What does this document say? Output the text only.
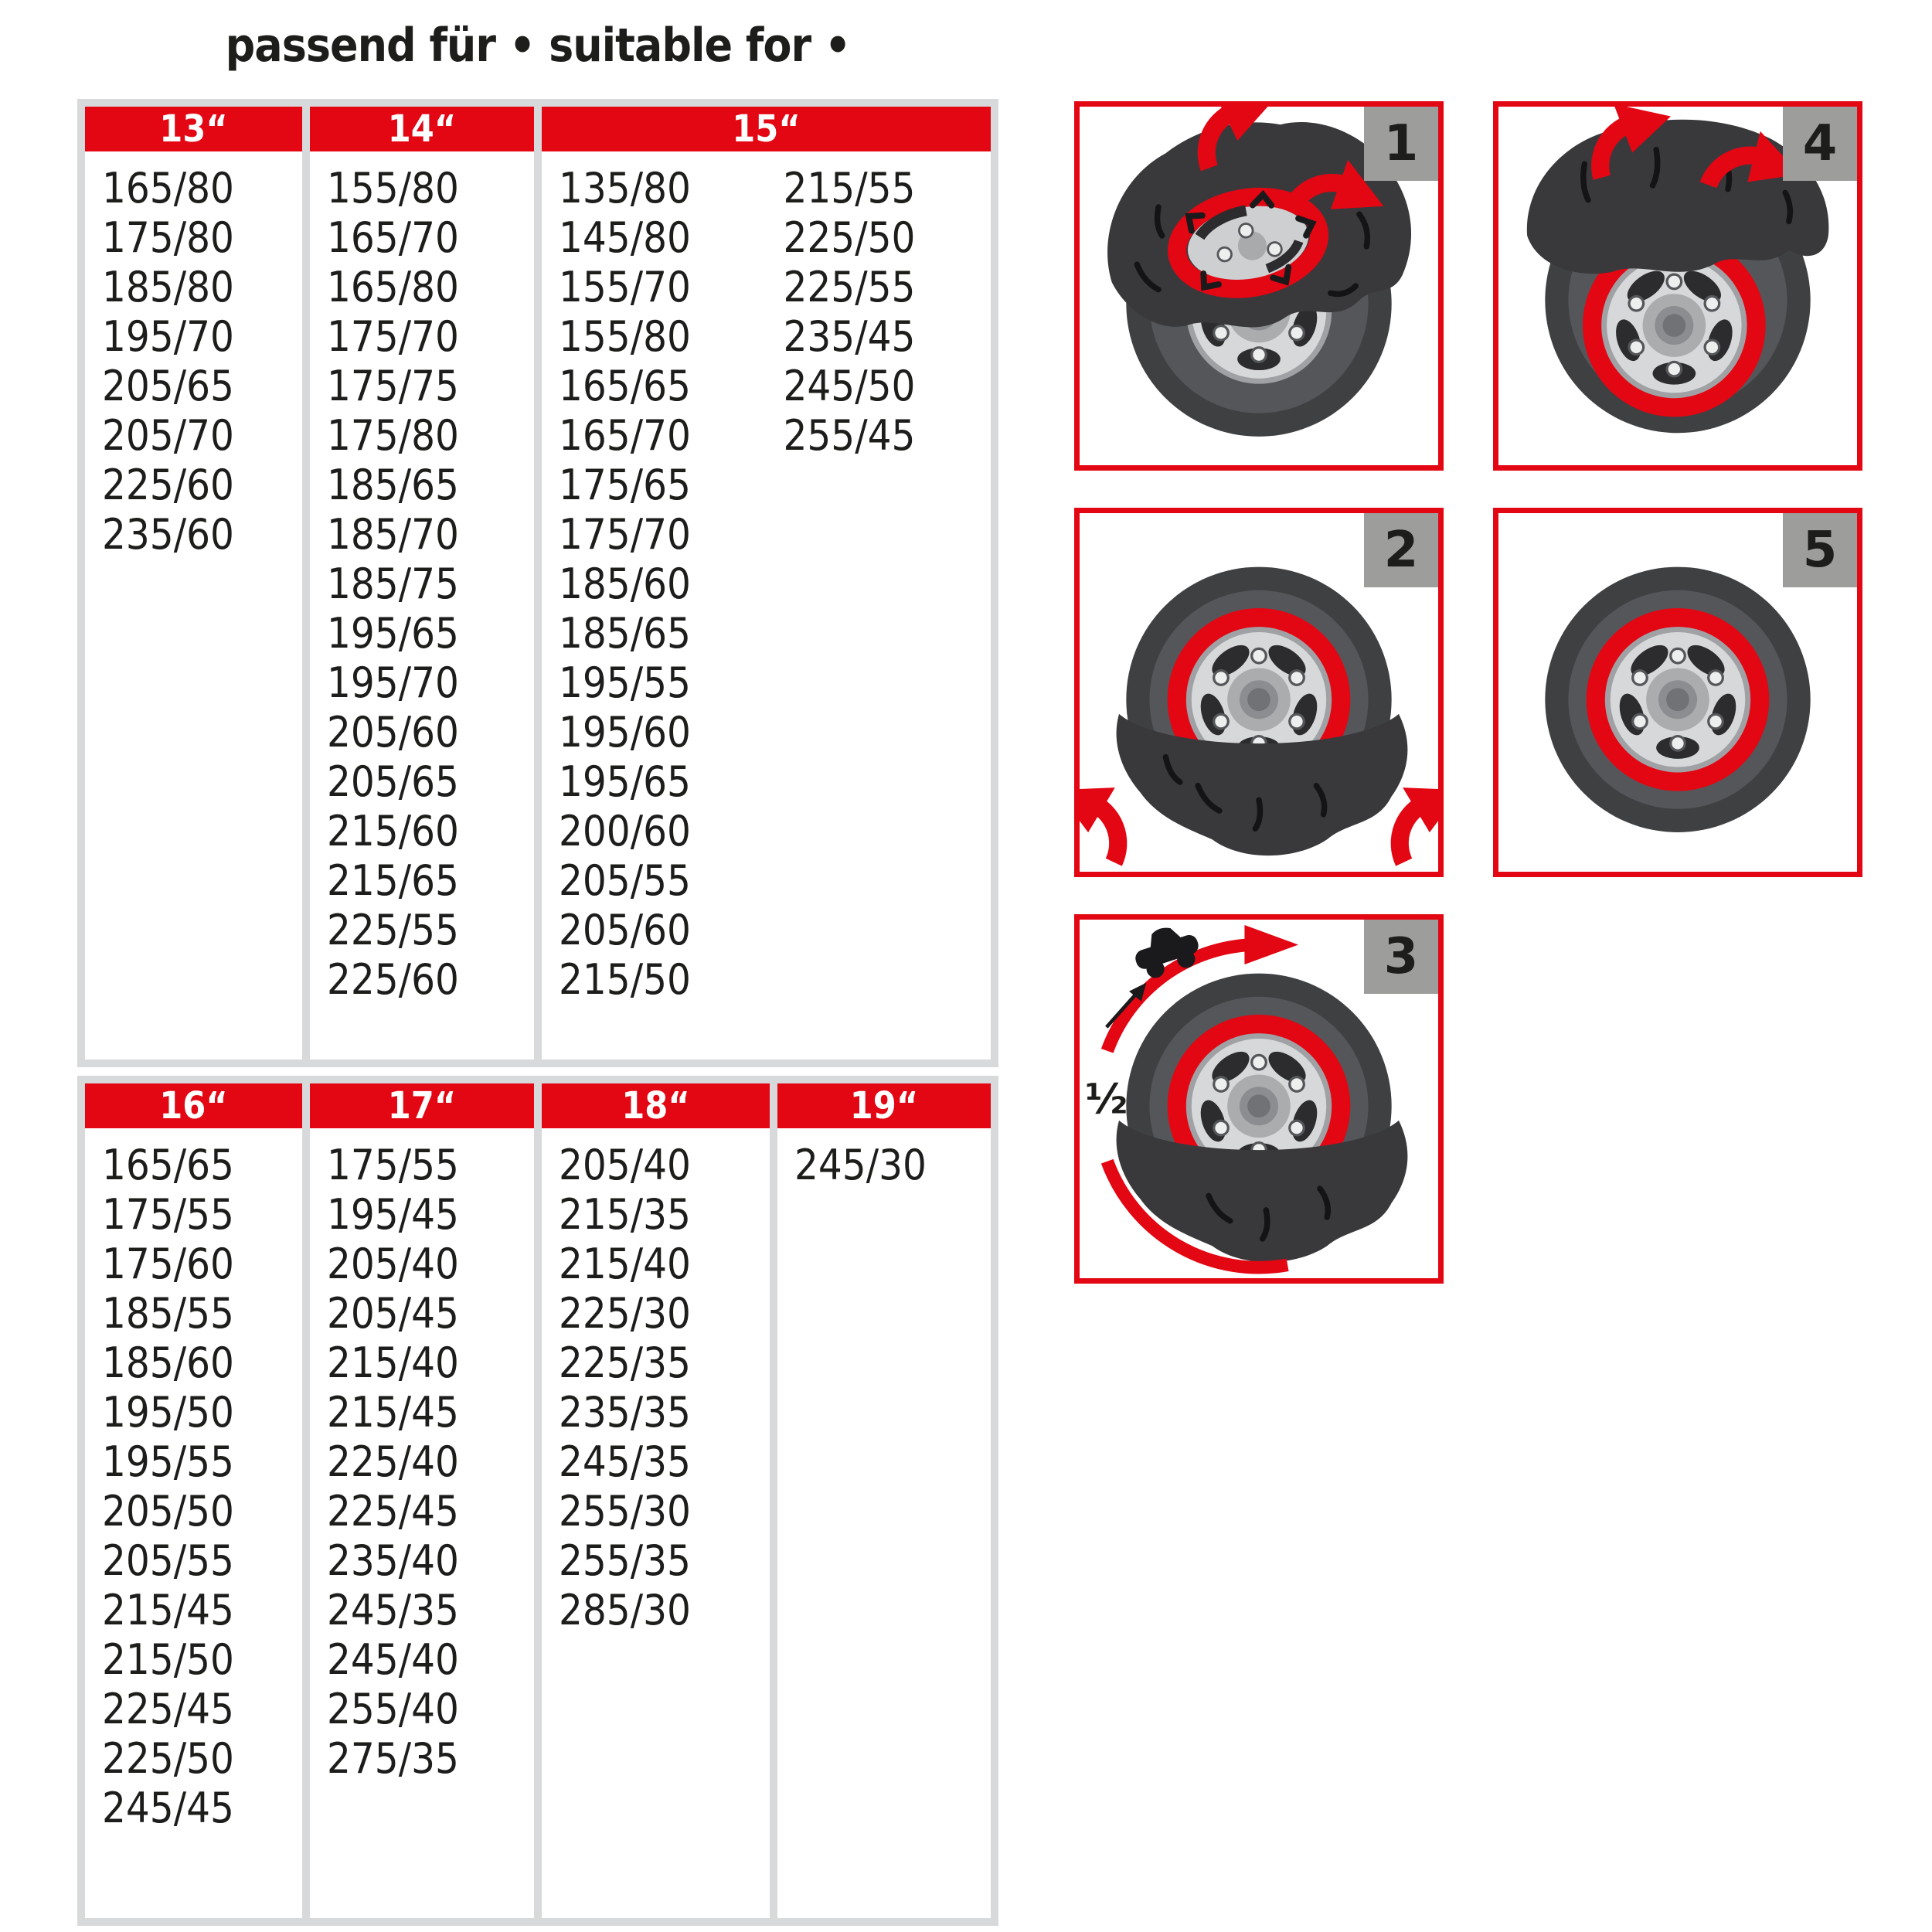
passend für • suitable for •
13“
165/80
175/80
185/80
195/70
205/65
205/70
225/60
235/60
14“
155/80
165/70
165/80
175/70
175/75
175/80
185/65
185/70
185/75
195/65
195/70
205/60
205/65
215/60
215/65
225/55
225/60
15“
135/80
145/80
155/70
155/80
165/65
165/70
175/65
175/70
185/60
185/65
195/55
195/60
195/65
200/60
205/55
205/60
215/50
215/55
225/50
225/55
235/45
245/50
255/45
16“
165/65
175/55
175/60
185/55
185/60
195/50
195/55
205/50
205/55
215/45
215/50
225/45
225/50
245/45
17“
175/55
195/45
205/40
205/45
215/40
215/45
225/40
225/45
235/40
245/35
245/40
255/40
275/35
18“
205/40
215/35
215/40
225/30
225/35
235/35
245/35
255/30
255/35
285/30
19“
245/30
1	4
2	5
3
½
